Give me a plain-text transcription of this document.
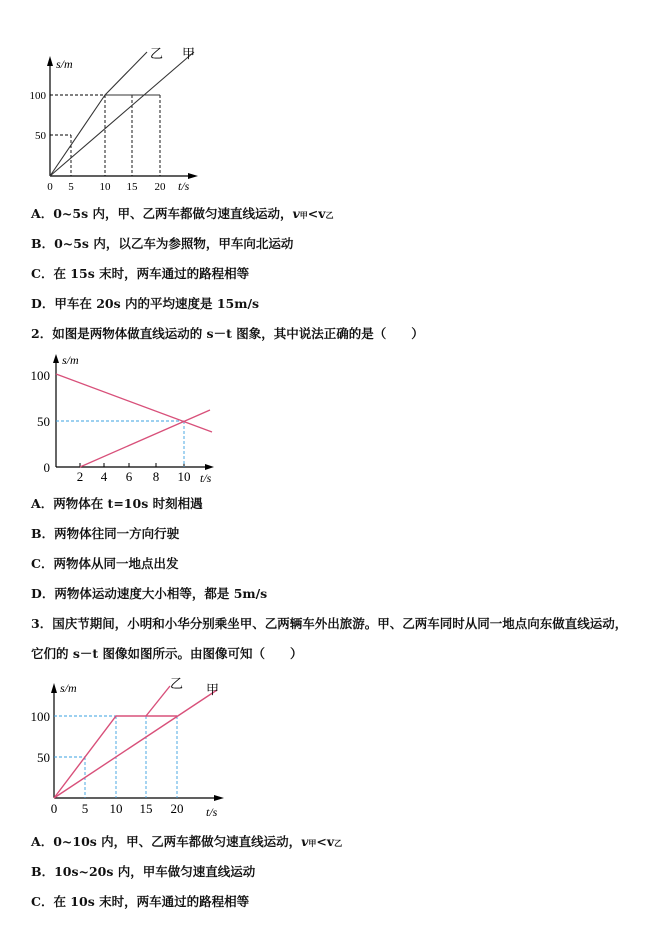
s/m
100
50
0 5 10 15 20 t/s
乙 甲
A．0~5s 内，甲、乙两车都做匀速直线运动，v甲<v乙
B．0~5s 内，以乙车为参照物，甲车向北运动
C．在 15s 末时，两车通过的路程相等
D．甲车在 20s 内的平均速度是 15m/s
2．如图是两物体做直线运动的 s－t 图象，其中说法正确的是（　　）
s/m
100
50
0
2 4 6 8 10 t/s
A．两物体在 t=10s 时刻相遇
B．两物体往同一方向行驶
C．两物体从同一地点出发
D．两物体运动速度大小相等，都是 5m/s
3．国庆节期间，小明和小华分别乘坐甲、乙两辆车外出旅游。甲、乙两车同时从同一地点向东做直线运动，
它们的 s－t 图像如图所示。由图像可知（　　）
s/m
100
50
0 5 10 15 20 t/s
乙 甲
A．0~10s 内，甲、乙两车都做匀速直线运动，v甲<v乙
B．10s~20s 内，甲车做匀速直线运动
C．在 10s 末时，两车通过的路程相等
